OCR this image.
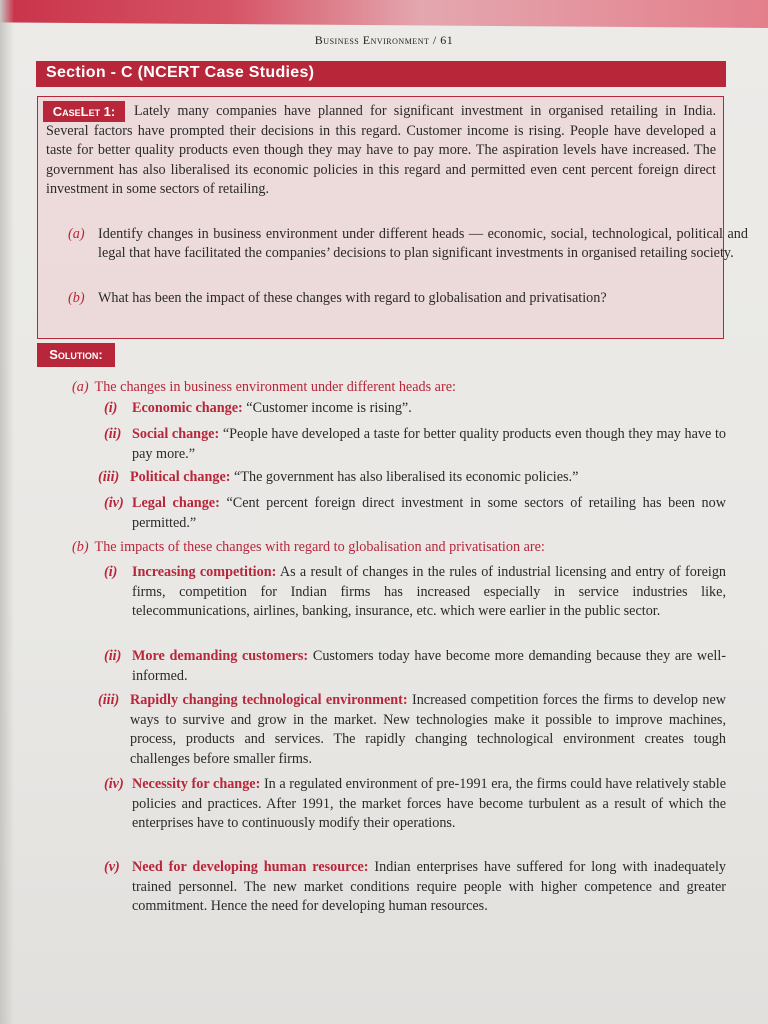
Business Environment / 61
Section - C (NCERT Case Studies)
CaseLet 1:	Lately many companies have planned for significant investment in organised retailing in India. Several factors have prompted their decisions in this regard. Customer income is rising. People have developed a taste for better quality products even though they may have to pay more. The aspiration levels have increased. The government has also liberalised its economic policies in this regard and permitted even cent percent foreign direct investment in some sectors of retailing.

(a) Identify changes in business environment under different heads — economic, social, technological, political and legal that have facilitated the companies’ decisions to plan significant investments in organised retailing society.

(b) What has been the impact of these changes with regard to globalisation and privatisation?

Solution:
(a) The changes in business environment under different heads are:

(i) Economic change: “Customer income is rising”.

(ii) Social change: “People have developed a taste for better quality products even though they may have to pay more.”

(iii) Political change: “The government has also liberalised its economic policies.”

(iv) Legal change: “Cent percent foreign direct investment in some sectors of retailing has been now permitted.”

(b) The impacts of these changes with regard to globalisation and privatisation are:

(i) Increasing competition: As a result of changes in the rules of industrial licensing and entry of foreign firms, competition for Indian firms has increased especially in service industries like, telecommunications, airlines, banking, insurance, etc. which were earlier in the public sector.

(ii) More demanding customers: Customers today have become more demanding because they are well-informed.

(iii) Rapidly changing technological environment: Increased competition forces the firms to develop new ways to survive and grow in the market. New technologies make it possible to improve machines, process, products and services. The rapidly changing technological environment creates tough challenges before smaller firms.

(iv) Necessity for change: In a regulated environment of pre-1991 era, the firms could have relatively stable policies and practices. After 1991, the market forces have become turbulent as a result of which the enterprises have to continuously modify their operations.

(v) Need for developing human resource: Indian enterprises have suffered for long with inadequately trained personnel. The new market conditions require people with higher competence and greater commitment. Hence the need for developing human resources.
